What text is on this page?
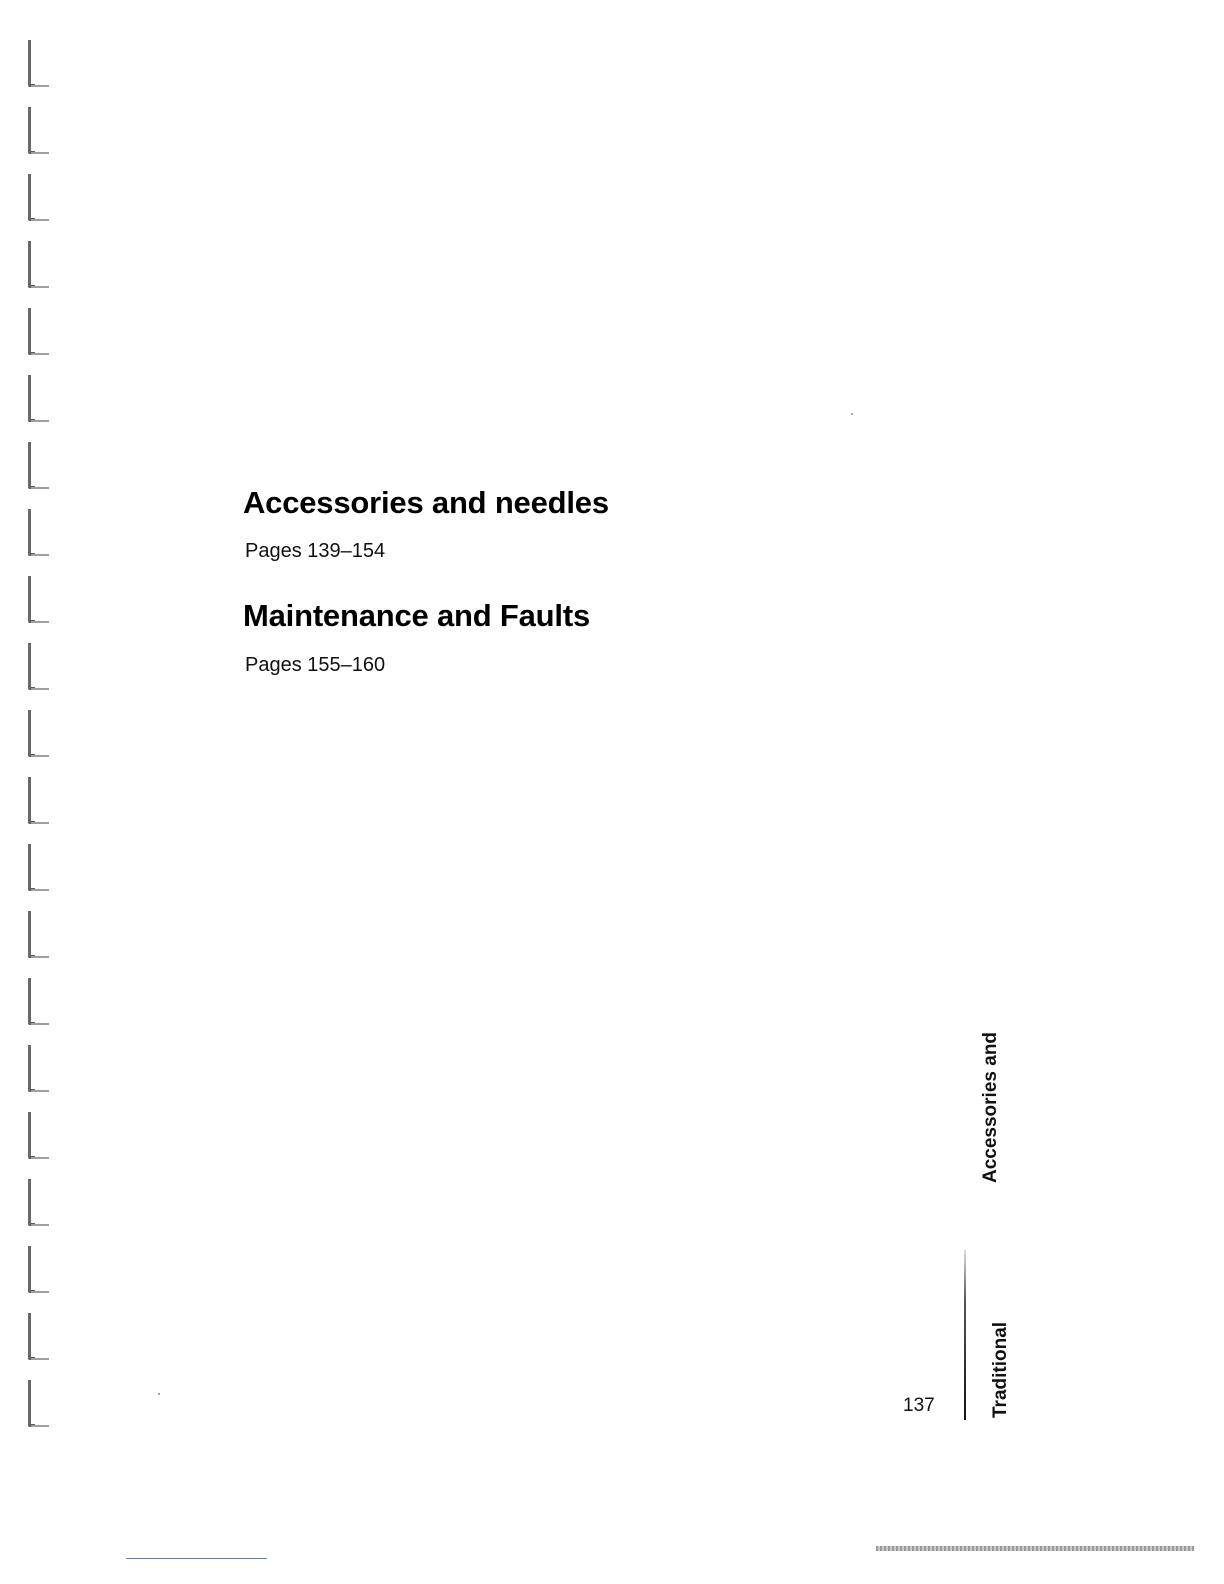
Accessories and needles

Pages 139–154

Maintenance and Faults

Pages 155–160

137
Accessories and
Traditional
